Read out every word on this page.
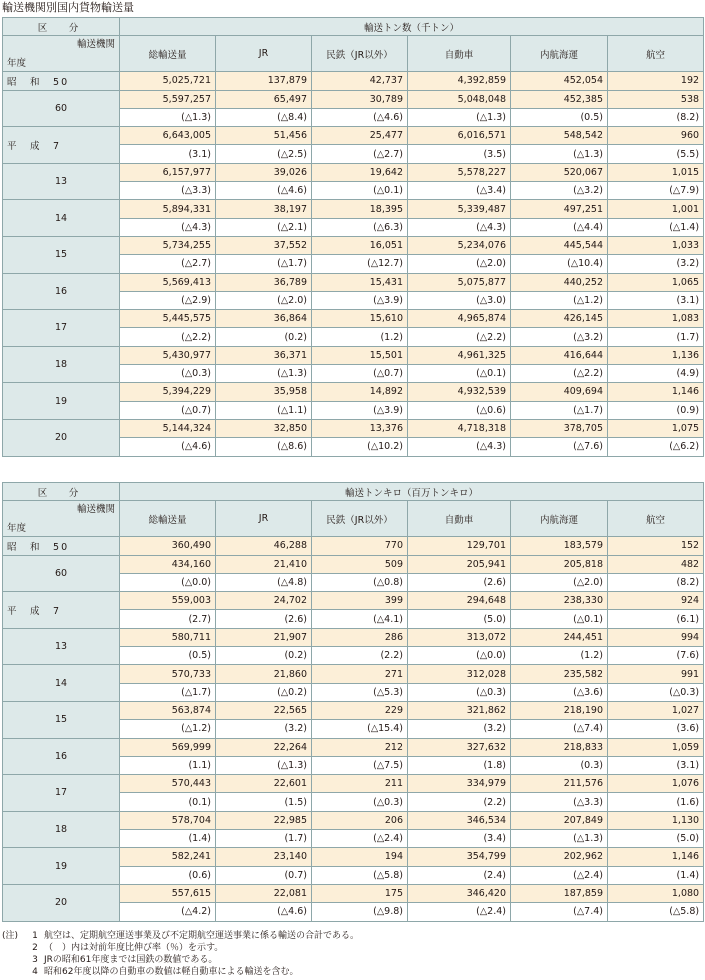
輸送機関別国内貨物輸送量
区　分	輸送トン数（千トン）					
輸送機関
年度	総輸送量	JR	民鉄（JR以外）	自動車	内航海運	航空
昭　和　 50	5,025,721	137,879	42,737	4,392,859	452,054	192
60	5,597,257	65,497	30,789	5,048,048	452,385	538
	(△1.3)	(△8.4)	(△4.6)	(△1.3)	(0.5)	(8.2)
平　成　 7	6,643,005	51,456	25,477	6,016,571	548,542	960
	(3.1)	(△2.5)	(△2.7)	(3.5)	(△1.3)	(5.5)
13	6,157,977	39,026	19,642	5,578,227	520,067	1,015
	(△3.3)	(△4.6)	(△0.1)	(△3.4)	(△3.2)	(△7.9)
14	5,894,331	38,197	18,395	5,339,487	497,251	1,001
	(△4.3)	(△2.1)	(△6.3)	(△4.3)	(△4.4)	(△1.4)
15	5,734,255	37,552	16,051	5,234,076	445,544	1,033
	(△2.7)	(△1.7)	(△12.7)	(△2.0)	(△10.4)	(3.2)
16	5,569,413	36,789	15,431	5,075,877	440,252	1,065
	(△2.9)	(△2.0)	(△3.9)	(△3.0)	(△1.2)	(3.1)
17	5,445,575	36,864	15,610	4,965,874	426,145	1,083
	(△2.2)	(0.2)	(1.2)	(△2.2)	(△3.2)	(1.7)
18	5,430,977	36,371	15,501	4,961,325	416,644	1,136
	(△0.3)	(△1.3)	(△0.7)	(△0.1)	(△2.2)	(4.9)
19	5,394,229	35,958	14,892	4,932,539	409,694	1,146
	(△0.7)	(△1.1)	(△3.9)	(△0.6)	(△1.7)	(0.9)
20	5,144,324	32,850	13,376	4,718,318	378,705	1,075
	(△4.6)	(△8.6)	(△10.2)	(△4.3)	(△7.6)	(△6.2)
区　分	輸送トンキロ（百万トンキロ）					
輸送機関
年度	総輸送量	JR	民鉄（JR以外）	自動車	内航海運	航空
昭　和　 50	360,490	46,288	770	129,701	183,579	152
60	434,160	21,410	509	205,941	205,818	482
	(△0.0)	(△4.8)	(△0.8)	(2.6)	(△2.0)	(8.2)
平　成　 7	559,003	24,702	399	294,648	238,330	924
	(2.7)	(2.6)	(△4.1)	(5.0)	(△0.1)	(6.1)
13	580,711	21,907	286	313,072	244,451	994
	(0.5)	(0.2)	(2.2)	(△0.0)	(1.2)	(7.6)
14	570,733	21,860	271	312,028	235,582	991
	(△1.7)	(△0.2)	(△5.3)	(△0.3)	(△3.6)	(△0.3)
15	563,874	22,565	229	321,862	218,190	1,027
	(△1.2)	(3.2)	(△15.4)	(3.2)	(△7.4)	(3.6)
16	569,999	22,264	212	327,632	218,833	1,059
	(1.1)	(△1.3)	(△7.5)	(1.8)	(0.3)	(3.1)
17	570,443	22,601	211	334,979	211,576	1,076
	(0.1)	(1.5)	(△0.3)	(2.2)	(△3.3)	(1.6)
18	578,704	22,985	206	346,534	207,849	1,130
	(1.4)	(1.7)	(△2.4)	(3.4)	(△1.3)	(5.0)
19	582,241	23,140	194	354,799	202,962	1,146
	(0.6)	(0.7)	(△5.8)	(2.4)	(△2.4)	(1.4)
20	557,615	22,081	175	346,420	187,859	1,080
	(△4.2)	(△4.6)	(△9.8)	(△2.4)	(△7.4)	(△5.8)
(注)	1 航空は、定期航空運送事業及び不定期航空運送事業に係る輸送の合計である。
2 （　）内は対前年度比伸び率（％）を示す。
3 JRの昭和61年度までは国鉄の数値である。
4 昭和62年度以降の自動車の数値は軽自動車による輸送を含む。
